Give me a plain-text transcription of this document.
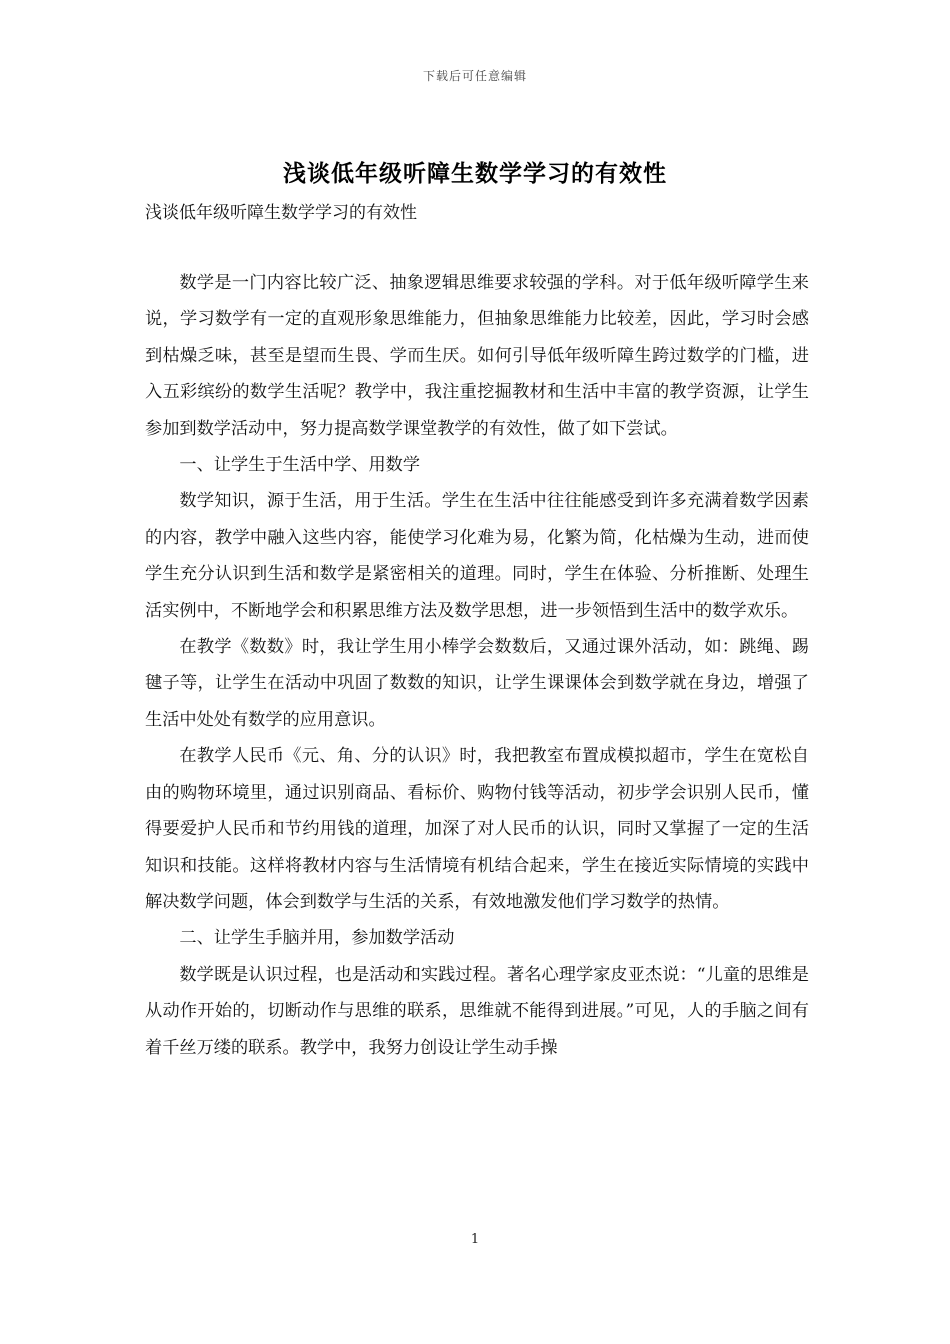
下载后可任意编辑
浅谈低年级听障生数学学习的有效性
浅谈低年级听障生数学学习的有效性

数学是一门内容比较广泛、抽象逻辑思维要求较强的学科。对于低年级听障学生来说，学习数学有一定的直观形象思维能力，但抽象思维能力比较差，因此，学习时会感到枯燥乏味，甚至是望而生畏、学而生厌。如何引导低年级听障生跨过数学的门槛，进入五彩缤纷的数学生活呢？教学中，我注重挖掘教材和生活中丰富的教学资源，让学生参加到数学活动中，努力提高数学课堂教学的有效性，做了如下尝试。

一、让学生于生活中学、用数学

数学知识，源于生活，用于生活。学生在生活中往往能感受到许多充满着数学因素的内容，教学中融入这些内容，能使学习化难为易，化繁为简，化枯燥为生动，进而使学生充分认识到生活和数学是紧密相关的道理。同时，学生在体验、分析推断、处理生活实例中，不断地学会和积累思维方法及数学思想，进一步领悟到生活中的数学欢乐。

在教学《数数》时，我让学生用小棒学会数数后，又通过课外活动，如：跳绳、踢毽子等，让学生在活动中巩固了数数的知识，让学生课课体会到数学就在身边，增强了生活中处处有数学的应用意识。

在教学人民币《元、角、分的认识》时，我把教室布置成模拟超市，学生在宽松自由的购物环境里，通过识别商品、看标价、购物付钱等活动，初步学会识别人民币，懂得要爱护人民币和节约用钱的道理，加深了对人民币的认识，同时又掌握了一定的生活知识和技能。这样将教材内容与生活情境有机结合起来，学生在接近实际情境的实践中解决数学问题，体会到数学与生活的关系，有效地激发他们学习数学的热情。

二、让学生手脑并用，参加数学活动

数学既是认识过程，也是活动和实践过程。著名心理学家皮亚杰说：“儿童的思维是从动作开始的，切断动作与思维的联系，思维就不能得到进展。”可见，人的手脑之间有着千丝万缕的联系。教学中，我努力创设让学生动手操

1
